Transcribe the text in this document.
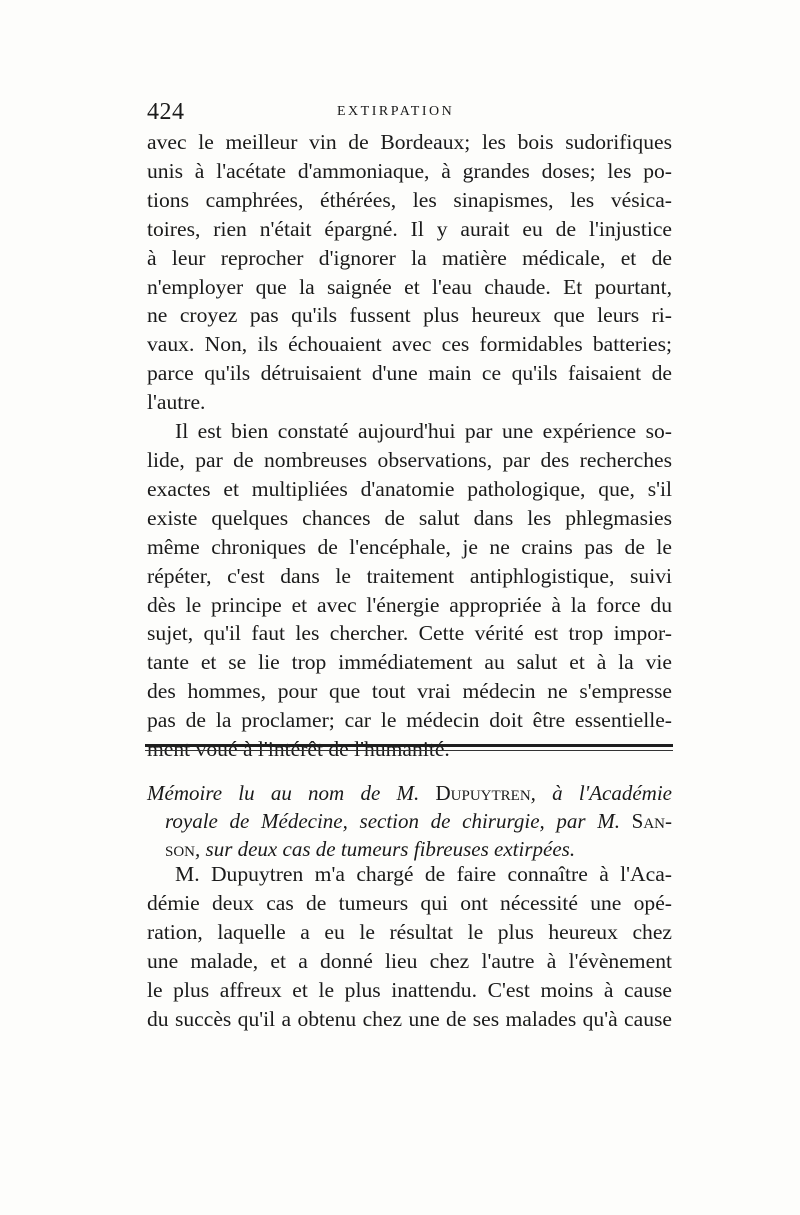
424	EXTIRPATION

avec le meilleur vin de Bordeaux; les bois sudorifiques
unis à l'acétate d'ammoniaque, à grandes doses; les po-
tions camphrées, éthérées, les sinapismes, les vésica-
toires, rien n'était épargné. Il y aurait eu de l'injustice
à leur reprocher d'ignorer la matière médicale, et de
n'employer que la saignée et l'eau chaude. Et pourtant,
ne croyez pas qu'ils fussent plus heureux que leurs ri-
vaux. Non, ils échouaient avec ces formidables batteries;
parce qu'ils détruisaient d'une main ce qu'ils faisaient de
l'autre.

Il est bien constaté aujourd'hui par une expérience so-
lide, par de nombreuses observations, par des recherches
exactes et multipliées d'anatomie pathologique, que, s'il
existe quelques chances de salut dans les phlegmasies
même chroniques de l'encéphale, je ne crains pas de le
répéter, c'est dans le traitement antiphlogistique, suivi
dès le principe et avec l'énergie appropriée à la force du
sujet, qu'il faut les chercher. Cette vérité est trop impor-
tante et se lie trop immédiatement au salut et à la vie
des hommes, pour que tout vrai médecin ne s'empresse
pas de la proclamer; car le médecin doit être essentielle-

Mémoire lu au nom de M. Dupuytren, à l'Académie
royale de Médecine, section de chirurgie, par M. San-
son, sur deux cas de tumeurs fibreuses extirpées.

M. Dupuytren m'a chargé de faire connaître à l'Aca-
démie deux cas de tumeurs qui ont nécessité une opé-
ration, laquelle a eu le résultat le plus heureux chez
une malade, et a donné lieu chez l'autre à l'évènement
le plus affreux et le plus inattendu. C'est moins à cause
du succès qu'il a obtenu chez une de ses malades qu'à cause
